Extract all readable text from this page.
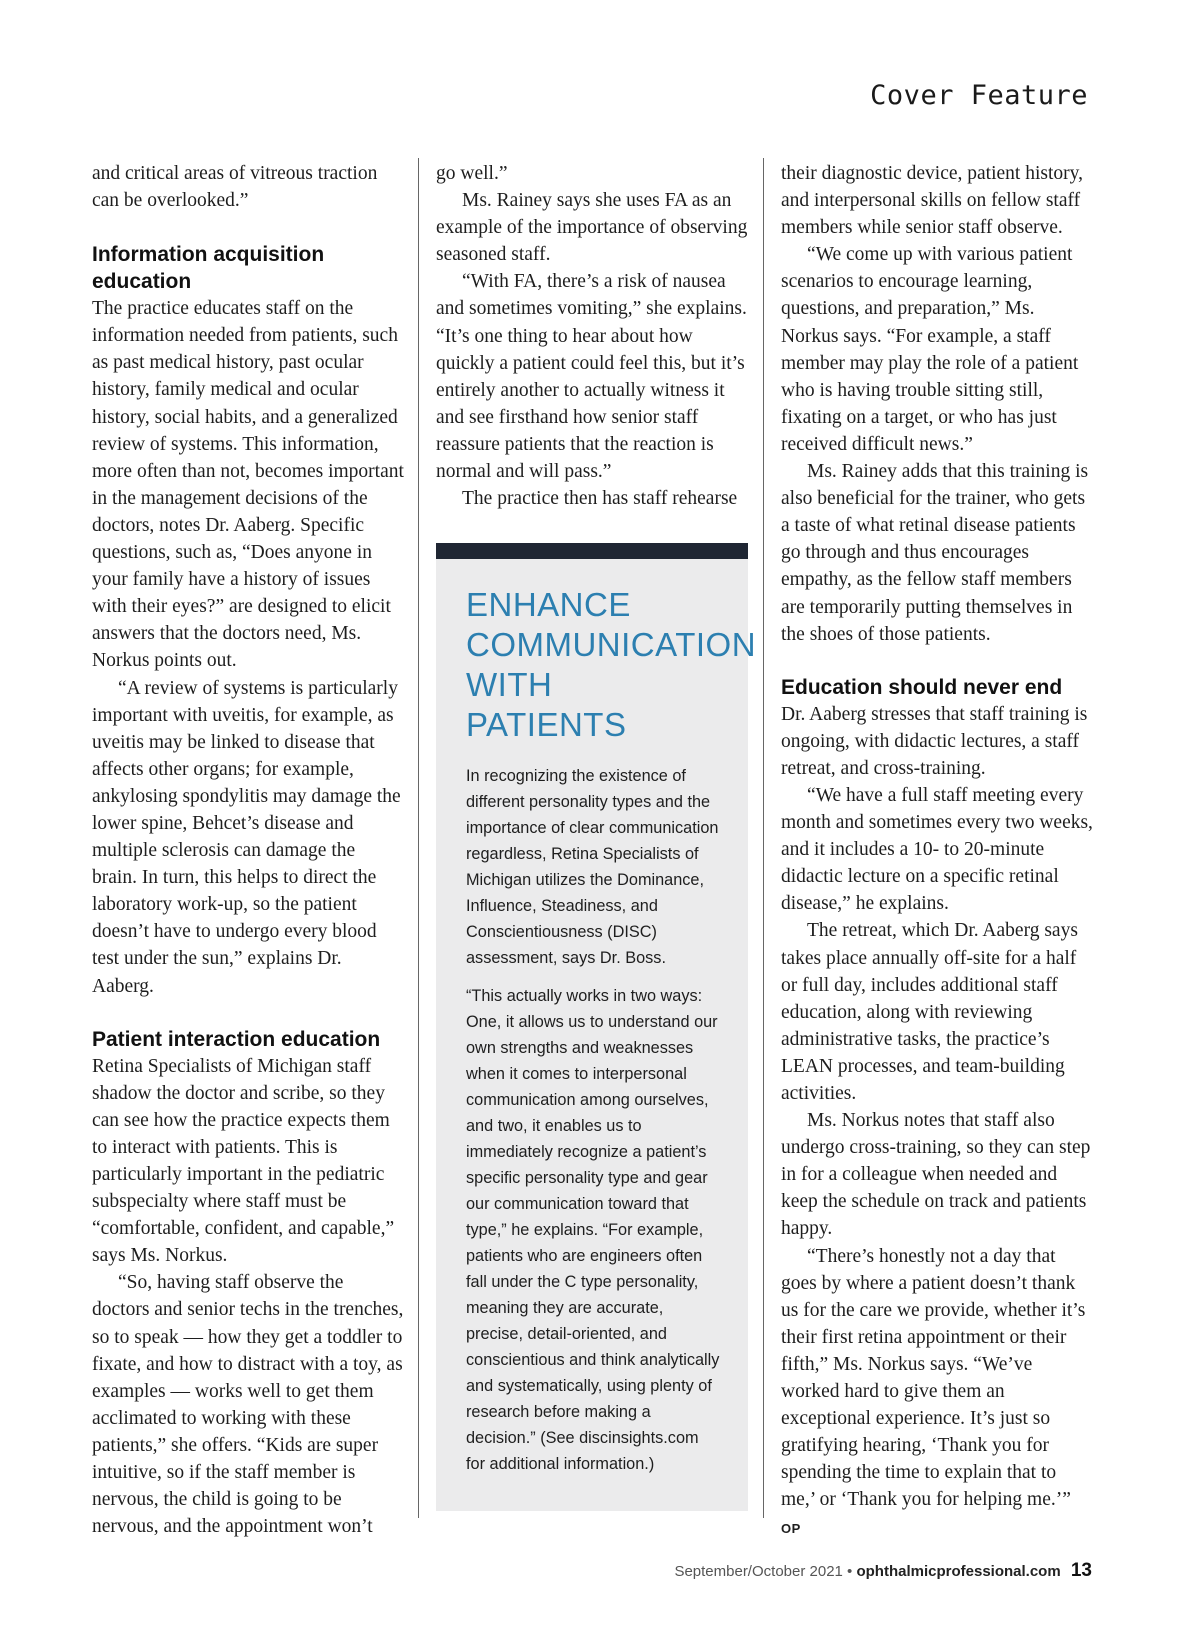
Cover Feature

and critical areas of vitreous traction can be overlooked.”

Information acquisition education

The practice educates staff on the information needed from patients, such as past medical history, past ocular history, family medical and ocular history, social habits, and a generalized review of systems. This information, more often than not, becomes important in the management decisions of the doctors, notes Dr. Aaberg. Specific questions, such as, “Does anyone in your family have a history of issues with their eyes?” are designed to elicit answers that the doctors need, Ms. Norkus points out.

“A review of systems is particularly important with uveitis, for example, as uveitis may be linked to disease that affects other organs; for example, ankylosing spondylitis may damage the lower spine, Behcet’s disease and multiple sclerosis can damage the brain. In turn, this helps to direct the laboratory work-up, so the patient doesn’t have to undergo every blood test under the sun,” explains Dr. Aaberg.

Patient interaction education

Retina Specialists of Michigan staff shadow the doctor and scribe, so they can see how the practice expects them to interact with patients. This is particularly important in the pediatric subspecialty where staff must be “comfortable, confident, and capable,” says Ms. Norkus.

“So, having staff observe the doctors and senior techs in the trenches, so to speak — how they get a toddler to fixate, and how to distract with a toy, as examples — works well to get them acclimated to working with these patients,” she offers. “Kids are super intuitive, so if the staff member is nervous, the child is going to be nervous, and the appointment won’t

go well.”

Ms. Rainey says she uses FA as an example of the importance of observing seasoned staff.

“With FA, there’s a risk of nausea and sometimes vomiting,” she explains. “It’s one thing to hear about how quickly a patient could feel this, but it’s entirely another to actually witness it and see firsthand how senior staff reassure patients that the reaction is normal and will pass.”

The practice then has staff rehearse

ENHANCE COMMUNICATION WITH PATIENTS

In recognizing the existence of different personality types and the importance of clear communication regardless, Retina Specialists of Michigan utilizes the Dominance, Influence, Steadiness, and Conscientiousness (DISC) assessment, says Dr. Boss.

“This actually works in two ways: One, it allows us to understand our own strengths and weaknesses when it comes to interpersonal communication among ourselves, and two, it enables us to immediately recognize a patient’s specific personality type and gear our communication toward that type,” he explains. “For example, patients who are engineers often fall under the C type personality, meaning they are accurate, precise, detail-oriented, and conscientious and think analytically and systematically, using plenty of research before making a decision.” (See discinsights.com for additional information.)

their diagnostic device, patient history, and interpersonal skills on fellow staff members while senior staff observe.

“We come up with various patient scenarios to encourage learning, questions, and preparation,” Ms. Norkus says. “For example, a staff member may play the role of a patient who is having trouble sitting still, fixating on a target, or who has just received difficult news.”

Ms. Rainey adds that this training is also beneficial for the trainer, who gets a taste of what retinal disease patients go through and thus encourages empathy, as the fellow staff members are temporarily putting themselves in the shoes of those patients.

Education should never end

Dr. Aaberg stresses that staff training is ongoing, with didactic lectures, a staff retreat, and cross-training.

“We have a full staff meeting every month and sometimes every two weeks, and it includes a 10- to 20-minute didactic lecture on a specific retinal disease,” he explains.

The retreat, which Dr. Aaberg says takes place annually off-site for a half or full day, includes additional staff education, along with reviewing administrative tasks, the practice’s LEAN processes, and team-building activities.

Ms. Norkus notes that staff also undergo cross-training, so they can step in for a colleague when needed and keep the schedule on track and patients happy.

“There’s honestly not a day that goes by where a patient doesn’t thank us for the care we provide, whether it’s their first retina appointment or their fifth,” Ms. Norkus says. “We’ve worked hard to give them an exceptional experience. It’s just so gratifying hearing, ‘Thank you for spending the time to explain that to me,’ or ‘Thank you for helping me.’” OP

September/October 2021 • ophthalmicprofessional.com 13
